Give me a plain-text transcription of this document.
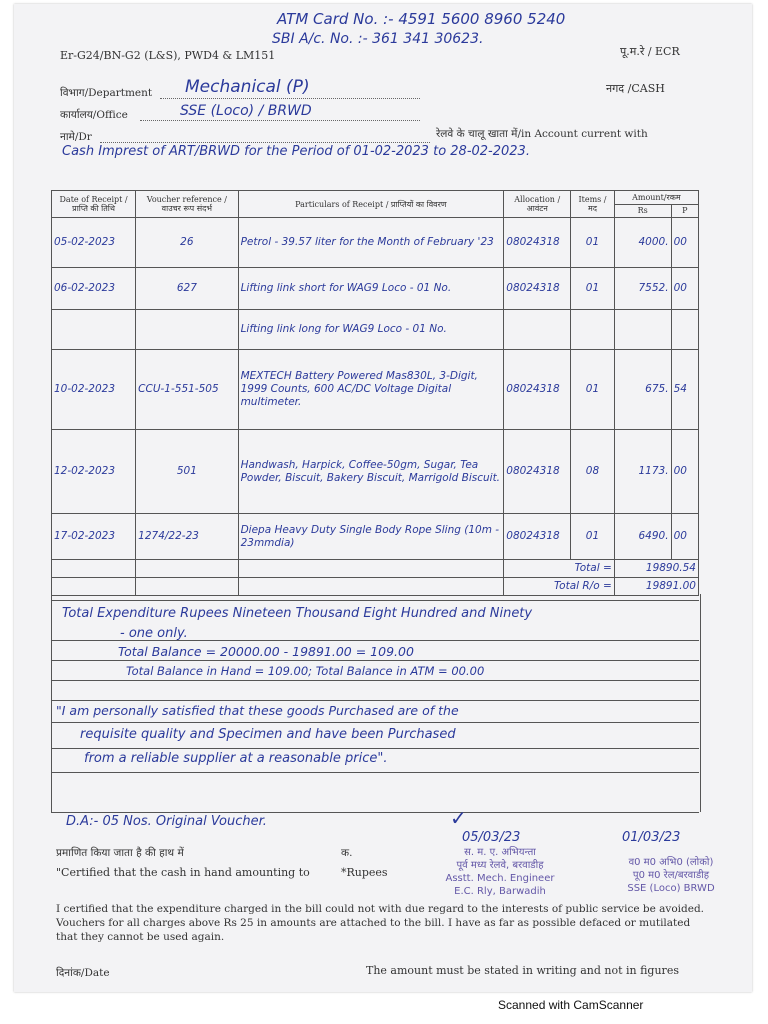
ATM Card No. :- 4591 5600 8960 5240
SBI A/c. No. :- 361 341 30623.
Er-G24/BN-G2 (L&S), PWD4 & LM151	पू.म.रे / ECR
नगद /CASH
विभाग/Department Mechanical (P)
कार्यालय/Office	SSE (Loco) / BRWD
नामे/Dr	रेलवे के चालू खाता में/in Account current with
Cash Imprest of ART/BRWD for the Period of 01-02-2023 to 28-02-2023.
Date of Receipt / प्राप्ति की तिथि	Voucher reference / वाउचर रूप संदर्भ	Particulars of Receipt / प्राप्तियों का विवरण	Allocation / आवंटन	Items / मद	Amount/रकम	
					Rs	P
05-02-2023	26	Petrol - 39.57 liter for the Month of February '23	08024318	01	4000.	00
06-02-2023	627	Lifting link short for WAG9 Loco - 01 No.	08024318	01	7552.	00
		Lifting link long for WAG9 Loco - 01 No.				
10-02-2023	CCU-1-551-505	MEXTECH Battery Powered Mas830L, 3-Digit, 1999 Counts, 600 AC/DC Voltage Digital multimeter.	08024318	01	675.	54
12-02-2023	501	Handwash, Harpick, Coffee-50gm, Sugar, Tea Powder, Biscuit, Bakery Biscuit, Marrigold Biscuit.	08024318	08	1173.	00
17-02-2023	1274/22-23	Diepa Heavy Duty Single Body Rope Sling (10m - 23mmdia)	08024318	01	6490.	00
			Total =		19890.54	
			Total R/o =		19891.00	
Total Expenditure Rupees Nineteen Thousand Eight Hundred and Ninety
- one only.
Total Balance = 20000.00 - 19891.00 = 109.00
Total Balance in Hand = 109.00; Total Balance in ATM = 00.00
"I am personally satisfied that these goods Purchased are of the
requisite quality and Specimen and have been Purchased
from a reliable supplier at a reasonable price".
D.A:- 05 Nos. Original Voucher.
प्रमाणित किया जाता है की हाथ में	क.
"Certified that the cash in hand amounting to	*Rupees
I certified that the expenditure charged in the bill could not with due regard to the interests of public service be avoided. Vouchers for all charges above Rs 25 in amounts are attached to the bill. I have as far as possible defaced or mutilated that they cannot be used again.
✓
05/03/23
स. म. ए. अभियन्ता
पूर्व मध्य रेलवे, बरवाडीह
Asstt. Mech. Engineer
E.C. Rly, Barwadih
01/03/23
व0 म0 अभि0 (लोको)
पू0 म0 रेल/बरवाडीह
SSE (Loco) BRWD
दिनांक/Date	The amount must be stated in writing and not in figures
Scanned with CamScanner
